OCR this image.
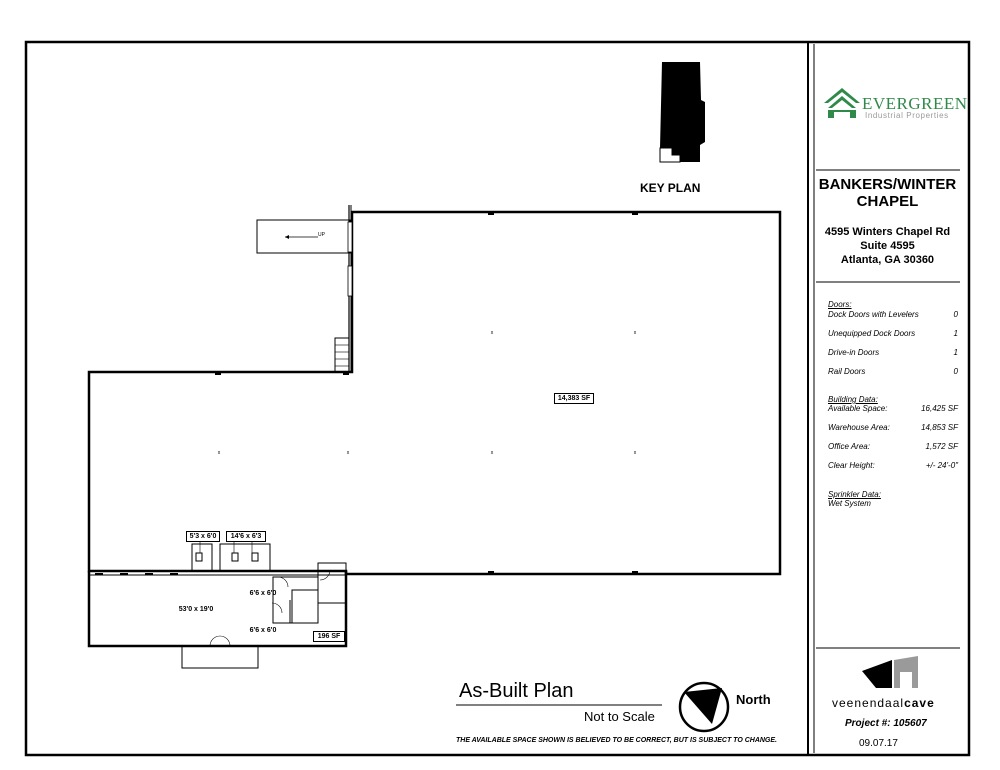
x	x
x	x	x	x
KEY PLAN
EVERGREEN
Industrial Properties
BANKERS/WINTER CHAPEL
4595 Winters Chapel Rd
Suite 4595
Atlanta, GA 30360
Doors:
Dock Doors with Levelers	0
Unequipped Dock Doors	1
Drive-in Doors	1
Rail Doors	0
Building Data:
Available Space:	16,425 SF
Warehouse Area:	14,853 SF
Office Area:	1,572 SF
Clear Height:	+/- 24'-0"
Sprinkler Data:
Wet System
veenendaalcave
Project #: 105607
09.07.17
As-Built Plan
Not to Scale
North
THE AVAILABLE SPACE SHOWN IS BELIEVED TO BE CORRECT, BUT IS SUBJECT TO CHANGE.
UP
14,383 SF
5'3 x 6'0	14'6 x 6'3
53'0 x 19'0
6'6 x 6'0
6'6 x 6'0
196 SF
